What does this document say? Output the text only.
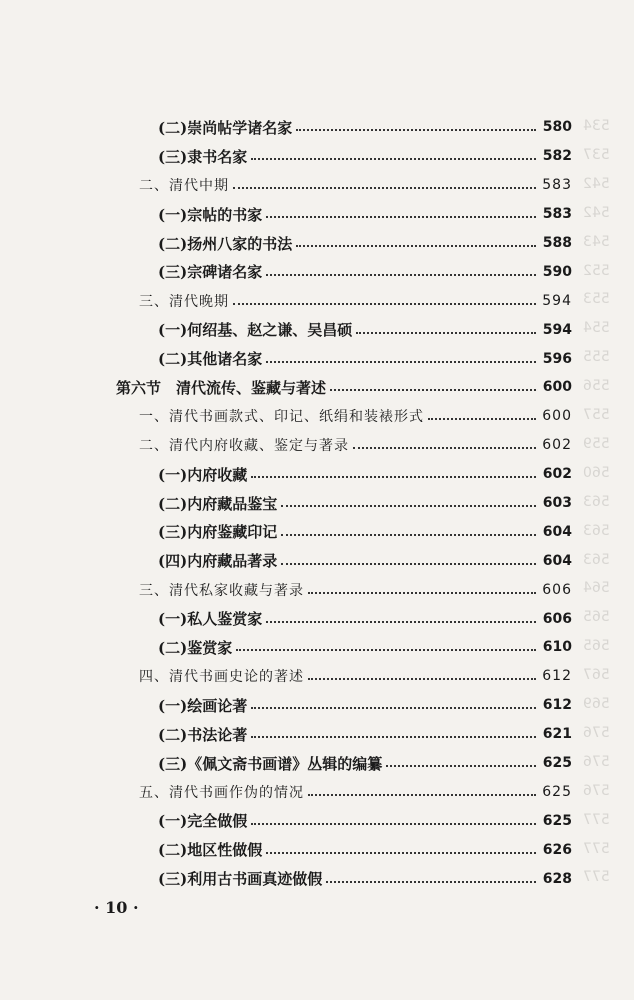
(二)崇尚帖学诸名家	580
(三)隶书名家	582
二、清代中期	583
(一)宗帖的书家	583
(二)扬州八家的书法	588
(三)宗碑诸名家	590
三、清代晚期	594
(一)何绍基、赵之谦、吴昌硕	594
(二)其他诸名家	596
第六节　清代流传、鉴藏与著述	600
一、清代书画款式、印记、纸绢和装裱形式	600
二、清代内府收藏、鉴定与著录	602
(一)内府收藏	602
(二)内府藏品鉴宝	603
(三)内府鉴藏印记	604
(四)内府藏品著录	604
三、清代私家收藏与著录	606
(一)私人鉴赏家	606
(二)鉴赏家	610
四、清代书画史论的著述	612
(一)绘画论著	612
(二)书法论著	621
(三)《佩文斋书画谱》丛辑的编纂	625
五、清代书画作伪的情况	625
(一)完全做假	625
(二)地区性做假	626
(三)利用古书画真迹做假	628
534
537
542
542
543
552
553
554
555
556
557
559
560
563
563
563
564
565
565
567
569
576
576
576
577
577
577
· 10 ·
